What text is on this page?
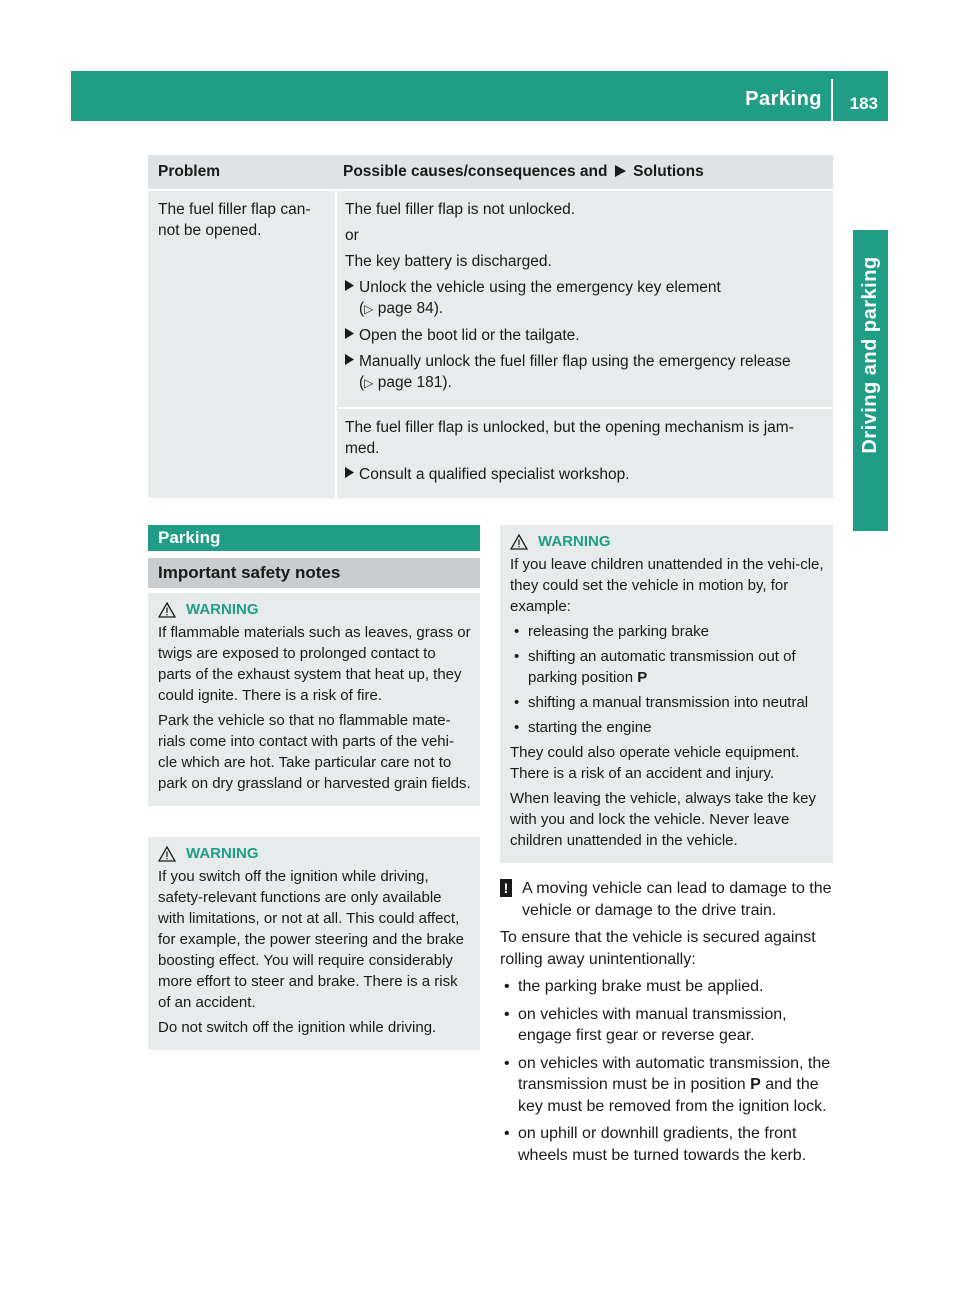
Parking 183
Driving and parking
Problem	Possible causes/consequences and Solutions
The fuel filler flap can-
not be opened.

The fuel filler flap is not unlocked.

or

The key battery is discharged.

Unlock the vehicle using the emergency key element
(▷ page 84).
Open the boot lid or the tailgate.
Manually unlock the fuel filler flap using the emergency release
(▷ page 181).

The fuel filler flap is unlocked, but the opening mechanism is jam-
med.

Consult a qualified specialist workshop.
Parking
Important safety notes
WARNING

If flammable materials such as leaves, grass or twigs are exposed to prolonged contact to parts of the exhaust system that heat up, they could ignite. There is a risk of fire.

Park the vehicle so that no flammable mate-rials come into contact with parts of the vehi-cle which are hot. Take particular care not to park on dry grassland or harvested grain fields.

WARNING

If you switch off the ignition while driving, safety-relevant functions are only available with limitations, or not at all. This could affect, for example, the power steering and the brake boosting effect. You will require considerably more effort to steer and brake. There is a risk of an accident.

Do not switch off the ignition while driving.

WARNING

If you leave children unattended in the vehi-cle, they could set the vehicle in motion by, for example:

• releasing the parking brake
• shifting an automatic transmission out of parking position P
• shifting a manual transmission into neutral
• starting the engine

They could also operate vehicle equipment. There is a risk of an accident and injury.

When leaving the vehicle, always take the key with you and lock the vehicle. Never leave children unattended in the vehicle.

! A moving vehicle can lead to damage to the vehicle or damage to the drive train.

To ensure that the vehicle is secured against rolling away unintentionally:

• the parking brake must be applied.
• on vehicles with manual transmission, engage first gear or reverse gear.
• on vehicles with automatic transmission, the transmission must be in position P and the key must be removed from the ignition lock.
• on uphill or downhill gradients, the front wheels must be turned towards the kerb.
